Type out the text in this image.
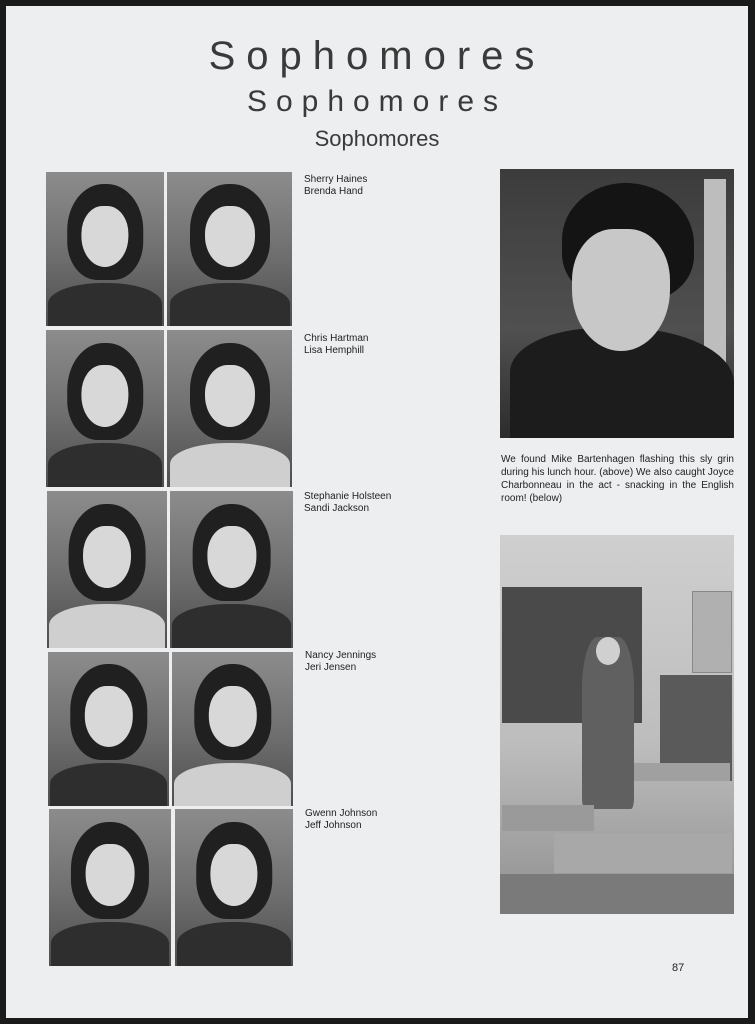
Sophomores
Sophomores
Sophomores
Sherry Haines
Brenda Hand
Chris Hartman
Lisa Hemphill
Stephanie Holsteen
Sandi Jackson
Nancy Jennings
Jeri Jensen
Gwenn Johnson
Jeff Johnson
We found Mike Bartenhagen flashing this sly grin during his lunch hour. (above) We also caught Joyce Charbonneau in the act - snacking in the English room! (below)
87
